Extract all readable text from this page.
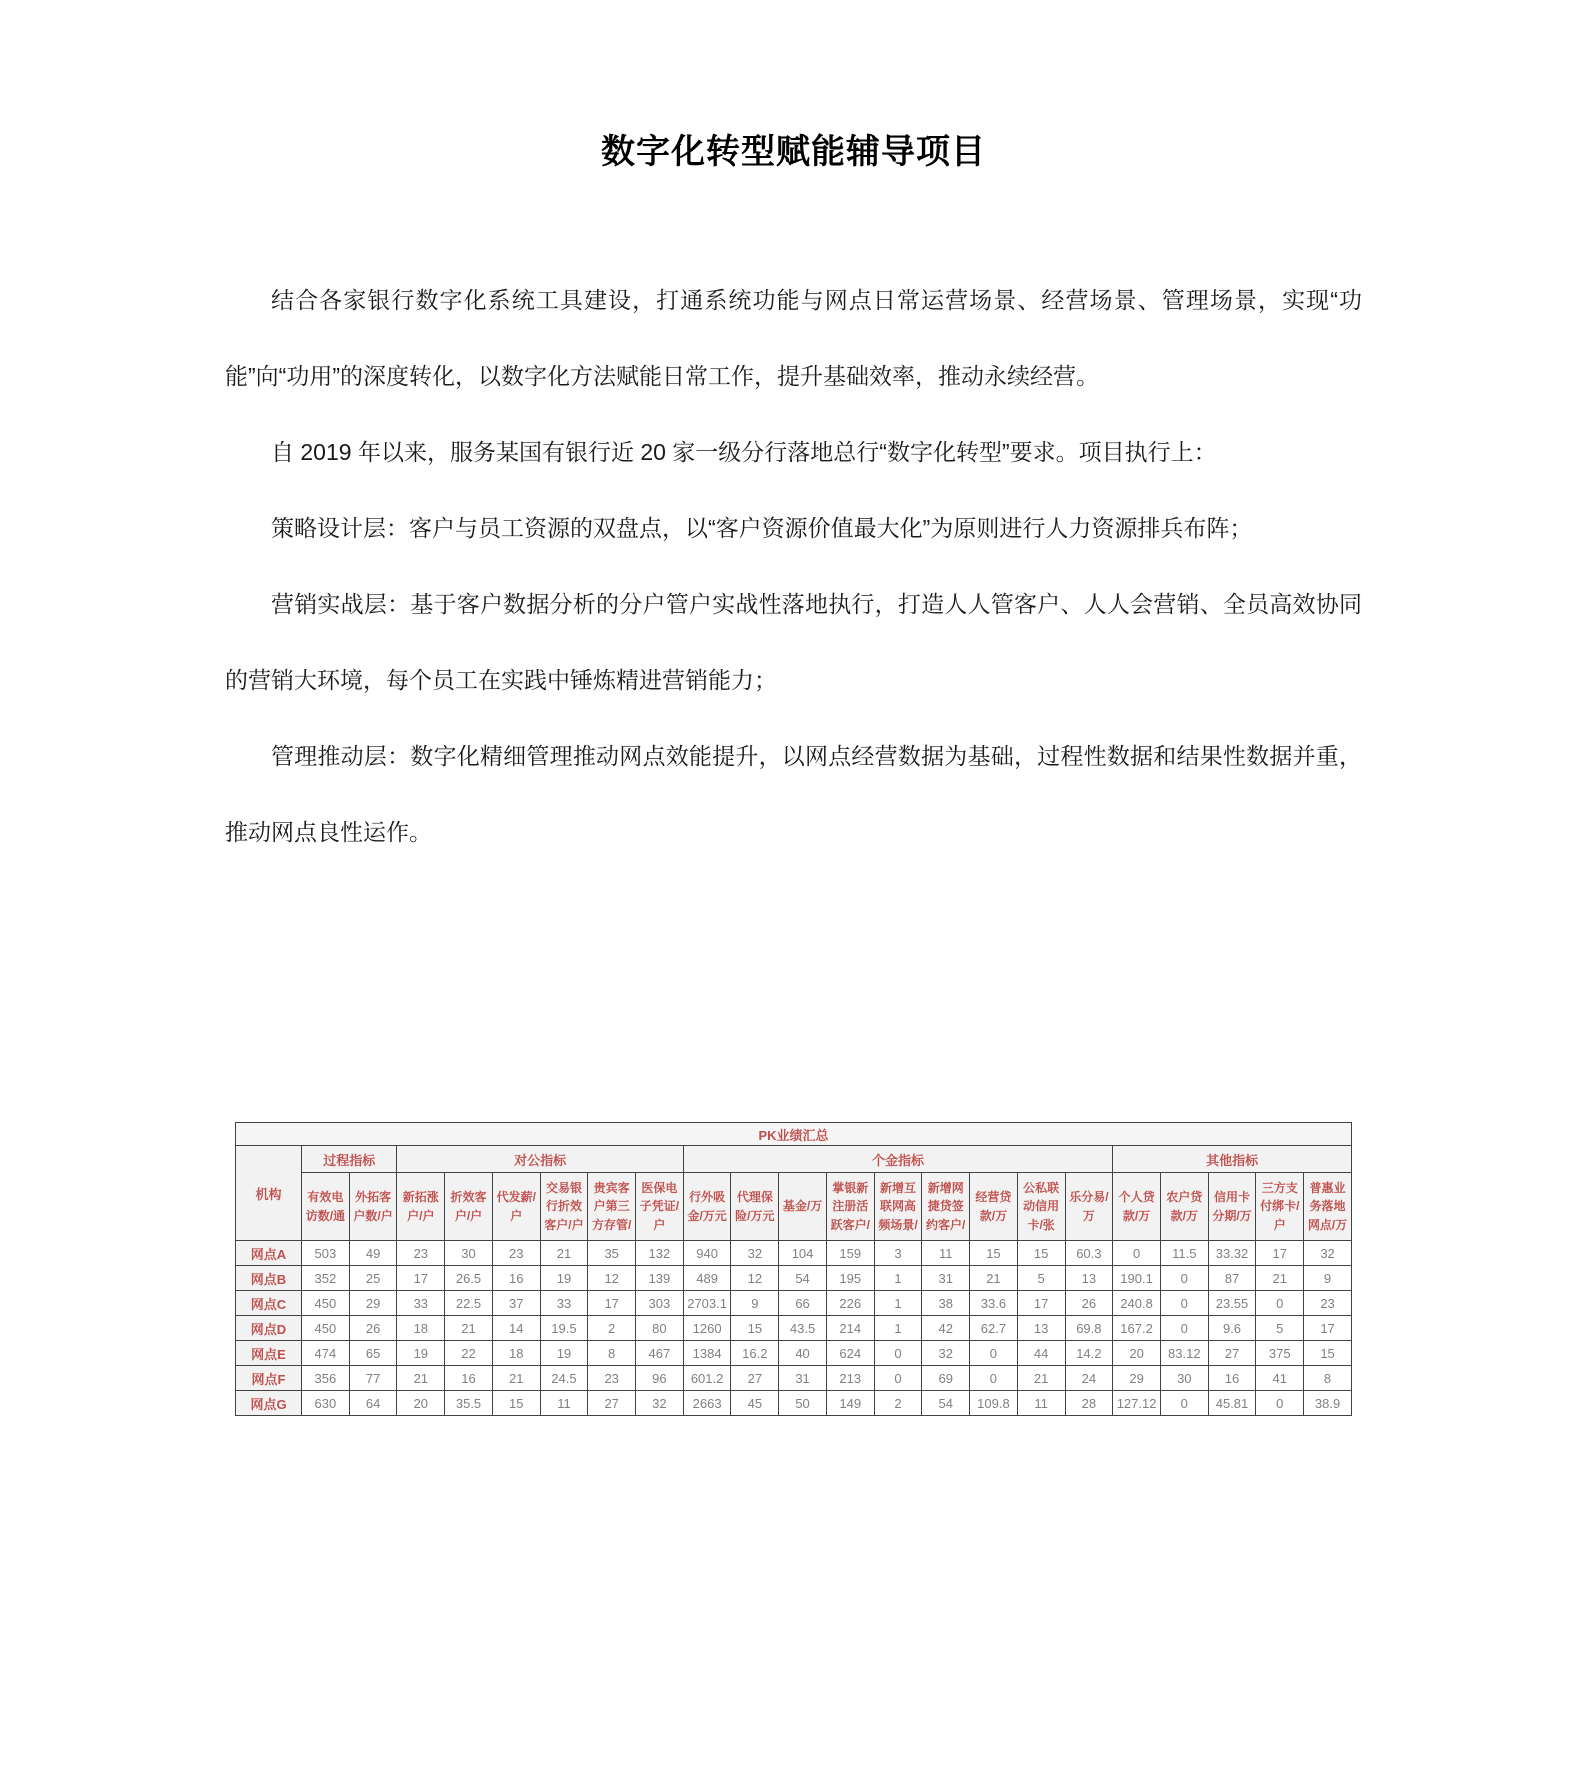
数字化转型赋能辅导项目

结合各家银行数字化系统工具建设，打通系统功能与网点日常运营场景、经营场景、管理场景，实现“功能”向“功用”的深度转化，以数字化方法赋能日常工作，提升基础效率，推动永续经营。

自 2019 年以来，服务某国有银行近 20 家一级分行落地总行“数字化转型”要求。项目执行上：

策略设计层：客户与员工资源的双盘点，以“客户资源价值最大化”为原则进行人力资源排兵布阵；

营销实战层：基于客户数据分析的分户管户实战性落地执行，打造人人管客户、人人会营销、全员高效协同的营销大环境，每个员工在实践中锤炼精进营销能力；

管理推动层：数字化精细管理推动网点效能提升，以网点经营数据为基础，过程性数据和结果性数据并重，推动网点良性运作。

PK业绩汇总																						
机构	过程指标		对公指标						个金指标									其他指标				
	有效电访数/通	外拓客户数/户	新拓涨户/户	折效客户/户	代发薪/户	交易银行折效客户/户	贵宾客户第三方存管/	医保电子凭证/户	行外吸金/万元	代理保险/万元	基金/万	掌银新注册活跃客户/	新增互联网高频场景/	新增网捷贷签约客户/	经营贷款/万	公私联动信用卡/张	乐分易/万	个人贷款/万	农户贷款/万	信用卡分期/万	三方支付绑卡/户	普惠业务落地网点/万
网点A	503	49	23	30	23	21	35	132	940	32	104	159	3	11	15	15	60.3	0	11.5	33.32	17	32
网点B	352	25	17	26.5	16	19	12	139	489	12	54	195	1	31	21	5	13	190.1	0	87	21	9
网点C	450	29	33	22.5	37	33	17	303	2703.1	9	66	226	1	38	33.6	17	26	240.8	0	23.55	0	23
网点D	450	26	18	21	14	19.5	2	80	1260	15	43.5	214	1	42	62.7	13	69.8	167.2	0	9.6	5	17
网点E	474	65	19	22	18	19	8	467	1384	16.2	40	624	0	32	0	44	14.2	20	83.12	27	375	15
网点F	356	77	21	16	21	24.5	23	96	601.2	27	31	213	0	69	0	21	24	29	30	16	41	8
网点G	630	64	20	35.5	15	11	27	32	2663	45	50	149	2	54	109.8	11	28	127.12	0	45.81	0	38.9
